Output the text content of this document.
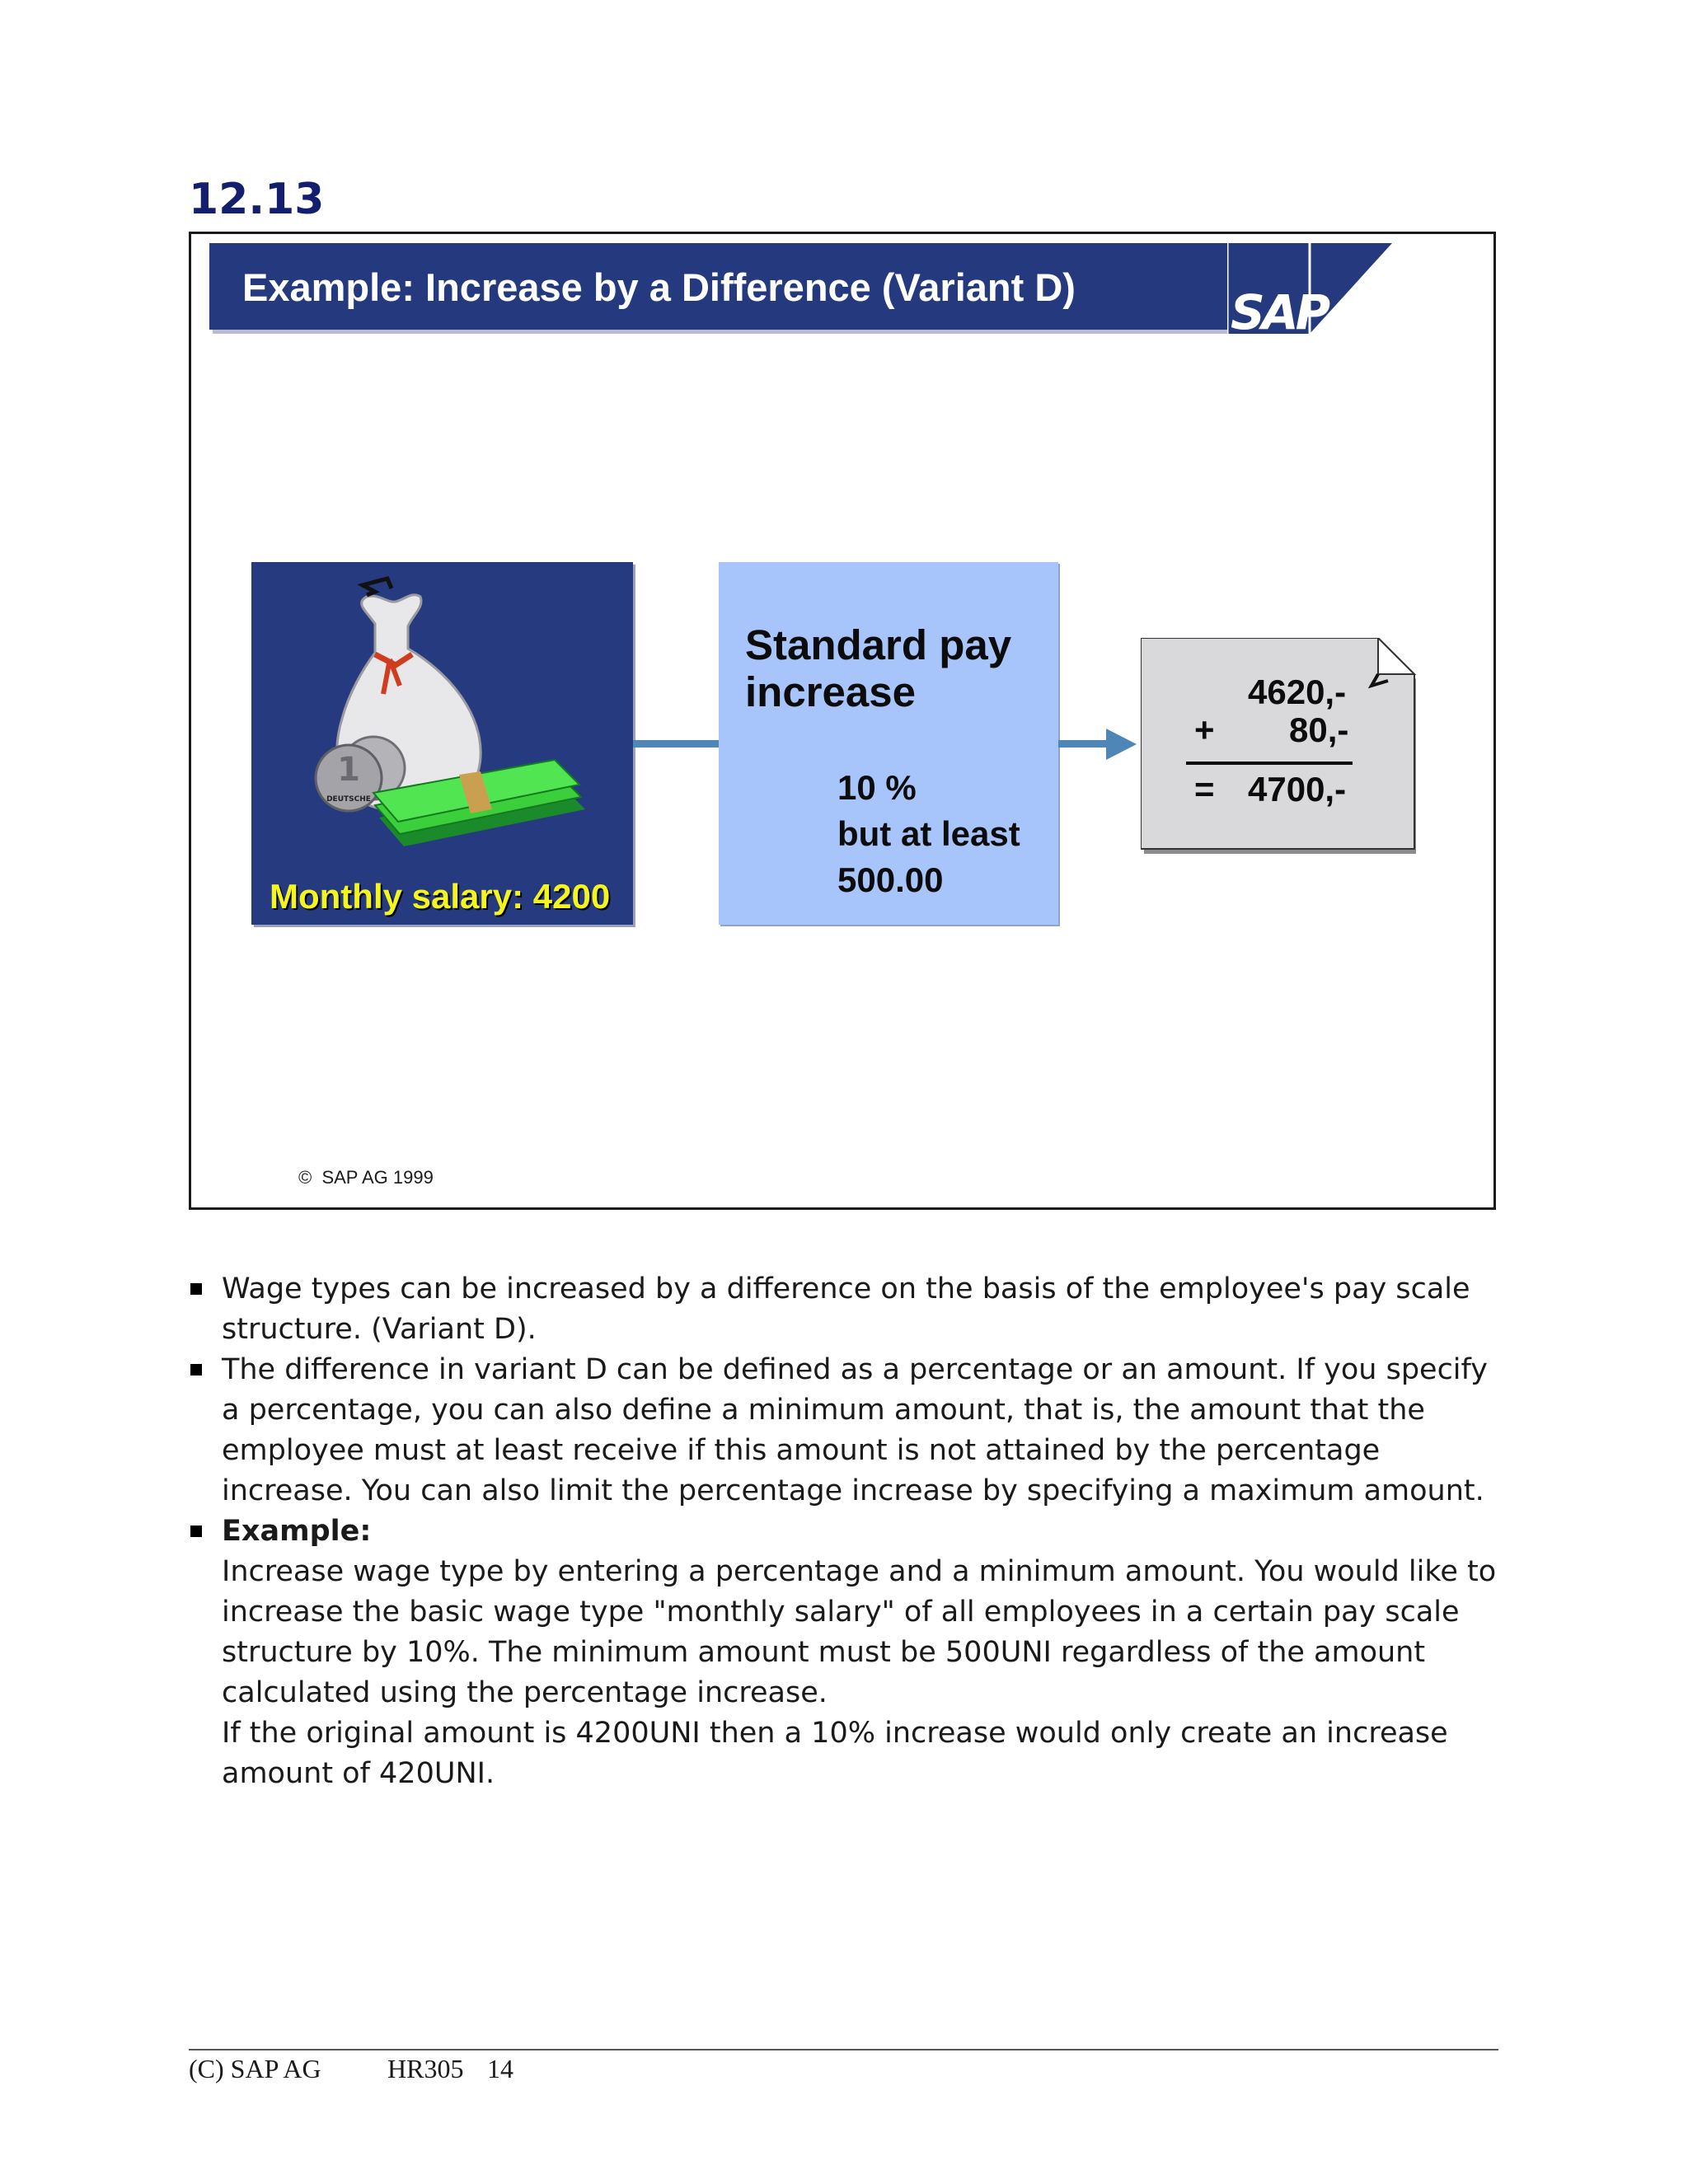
12.13
Example: Increase by a Difference (Variant D)	SAP
1
DEUTSCHE
Monthly salary: 4200
Standard pay increase
10 %
but at least
500.00
4620,-
+ 80,-
= 4700,-
© SAP AG 1999
Wage types can be increased by a difference on the basis of the employee's pay scale structure. (Variant D).
The difference in variant D can be defined as a percentage or an amount. If you specify a percentage, you can also define a minimum amount, that is, the amount that the employee must at least receive if this amount is not attained by the percentage increase. You can also limit the percentage increase by specifying a maximum amount.
Example:
Increase wage type by entering a percentage and a minimum amount. You would like to increase the basic wage type "monthly salary" of all employees in a certain pay scale structure by 10%. The minimum amount must be 500UNI regardless of the amount calculated using the percentage increase.
If the original amount is 4200UNI then a 10% increase would only create an increase amount of 420UNI.
(C) SAP AG	HR305 14
